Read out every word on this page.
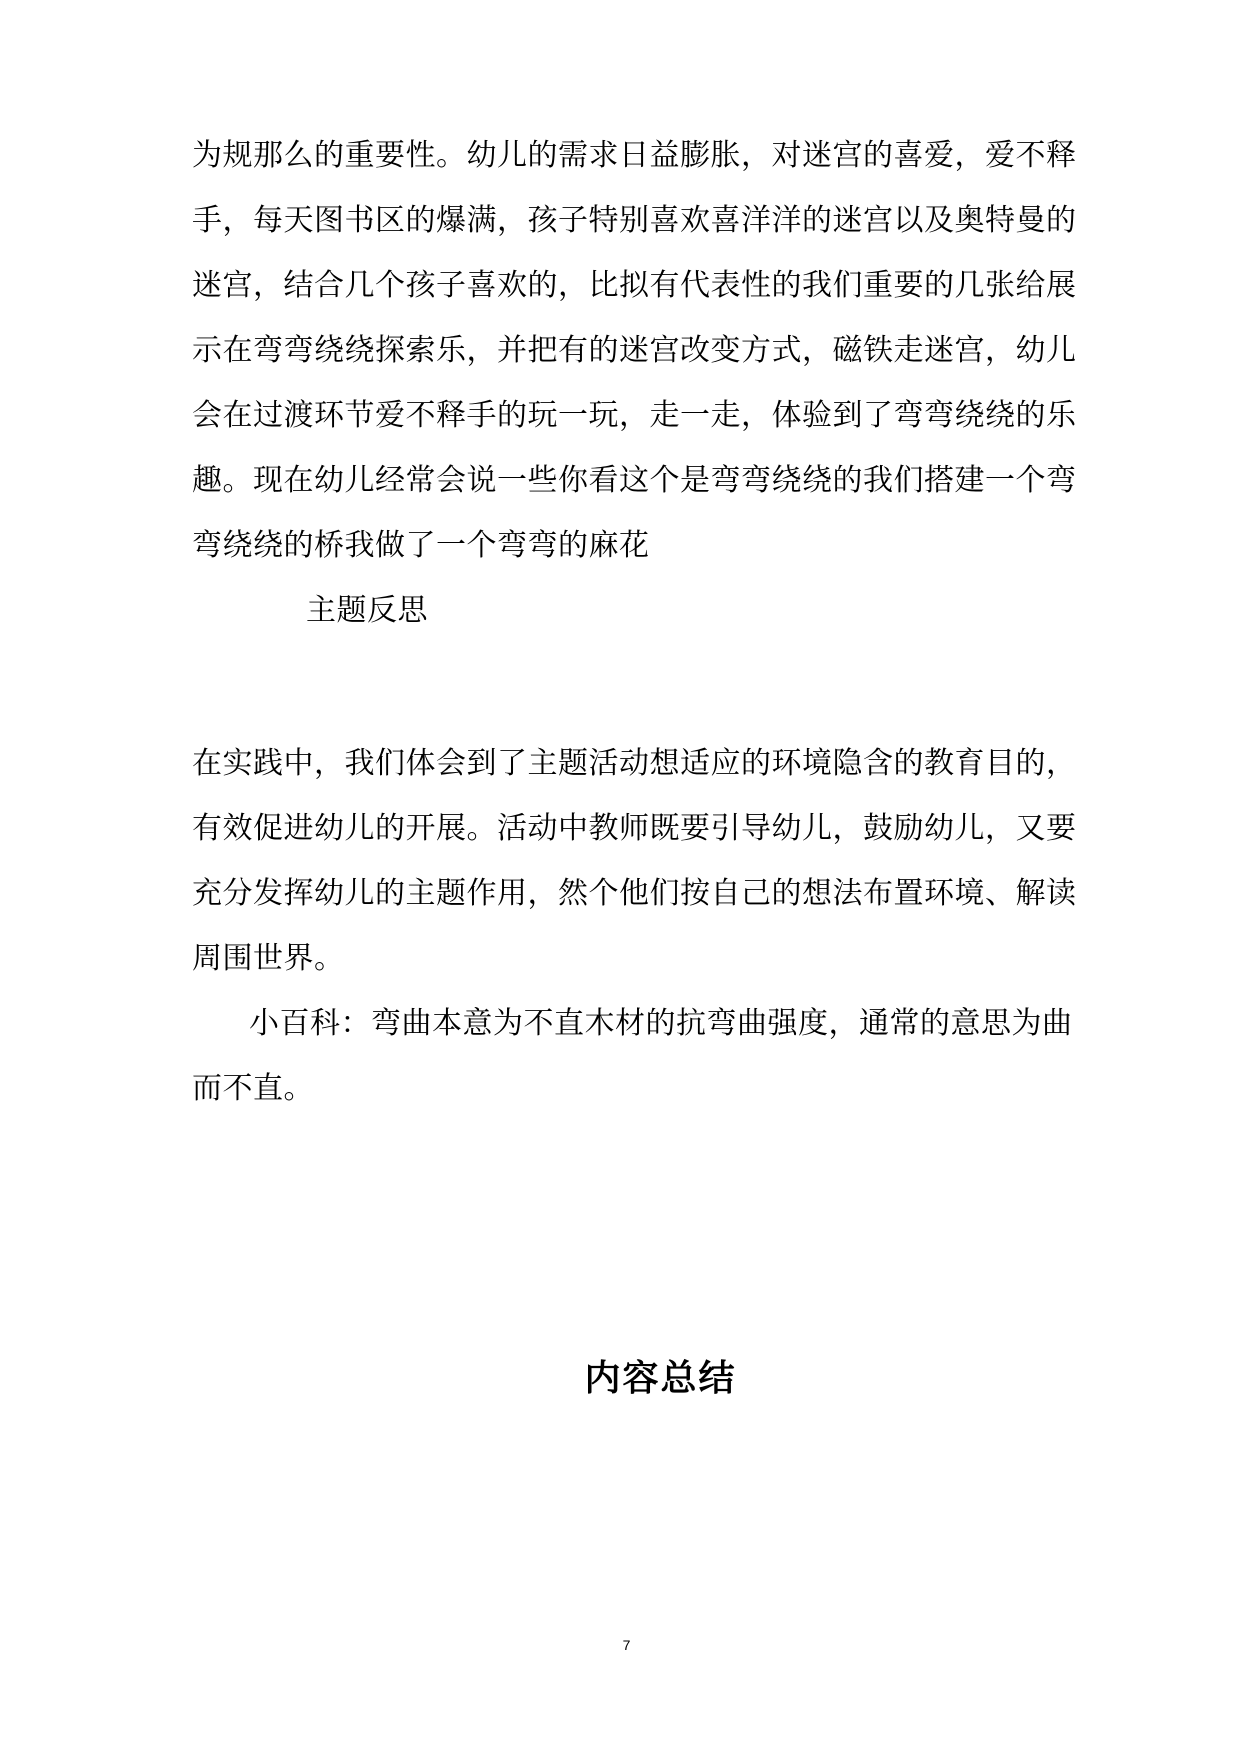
为规那么的重要性。幼儿的需求日益膨胀，对迷宫的喜爱，爱不释
手，每天图书区的爆满，孩子特别喜欢喜洋洋的迷宫以及奥特曼的
迷宫，结合几个孩子喜欢的，比拟有代表性的我们重要的几张给展
示在弯弯绕绕探索乐，并把有的迷宫改变方式，磁铁走迷宫，幼儿
会在过渡环节爱不释手的玩一玩，走一走，体验到了弯弯绕绕的乐
趣。现在幼儿经常会说一些你看这个是弯弯绕绕的我们搭建一个弯
弯绕绕的桥我做了一个弯弯的麻花
主题反思
在实践中，我们体会到了主题活动想适应的环境隐含的教育目的，
有效促进幼儿的开展。活动中教师既要引导幼儿，鼓励幼儿，又要
充分发挥幼儿的主题作用，然个他们按自己的想法布置环境、解读
周围世界。
小百科：弯曲本意为不直木材的抗弯曲强度，通常的意思为曲
而不直。
内容总结
7
